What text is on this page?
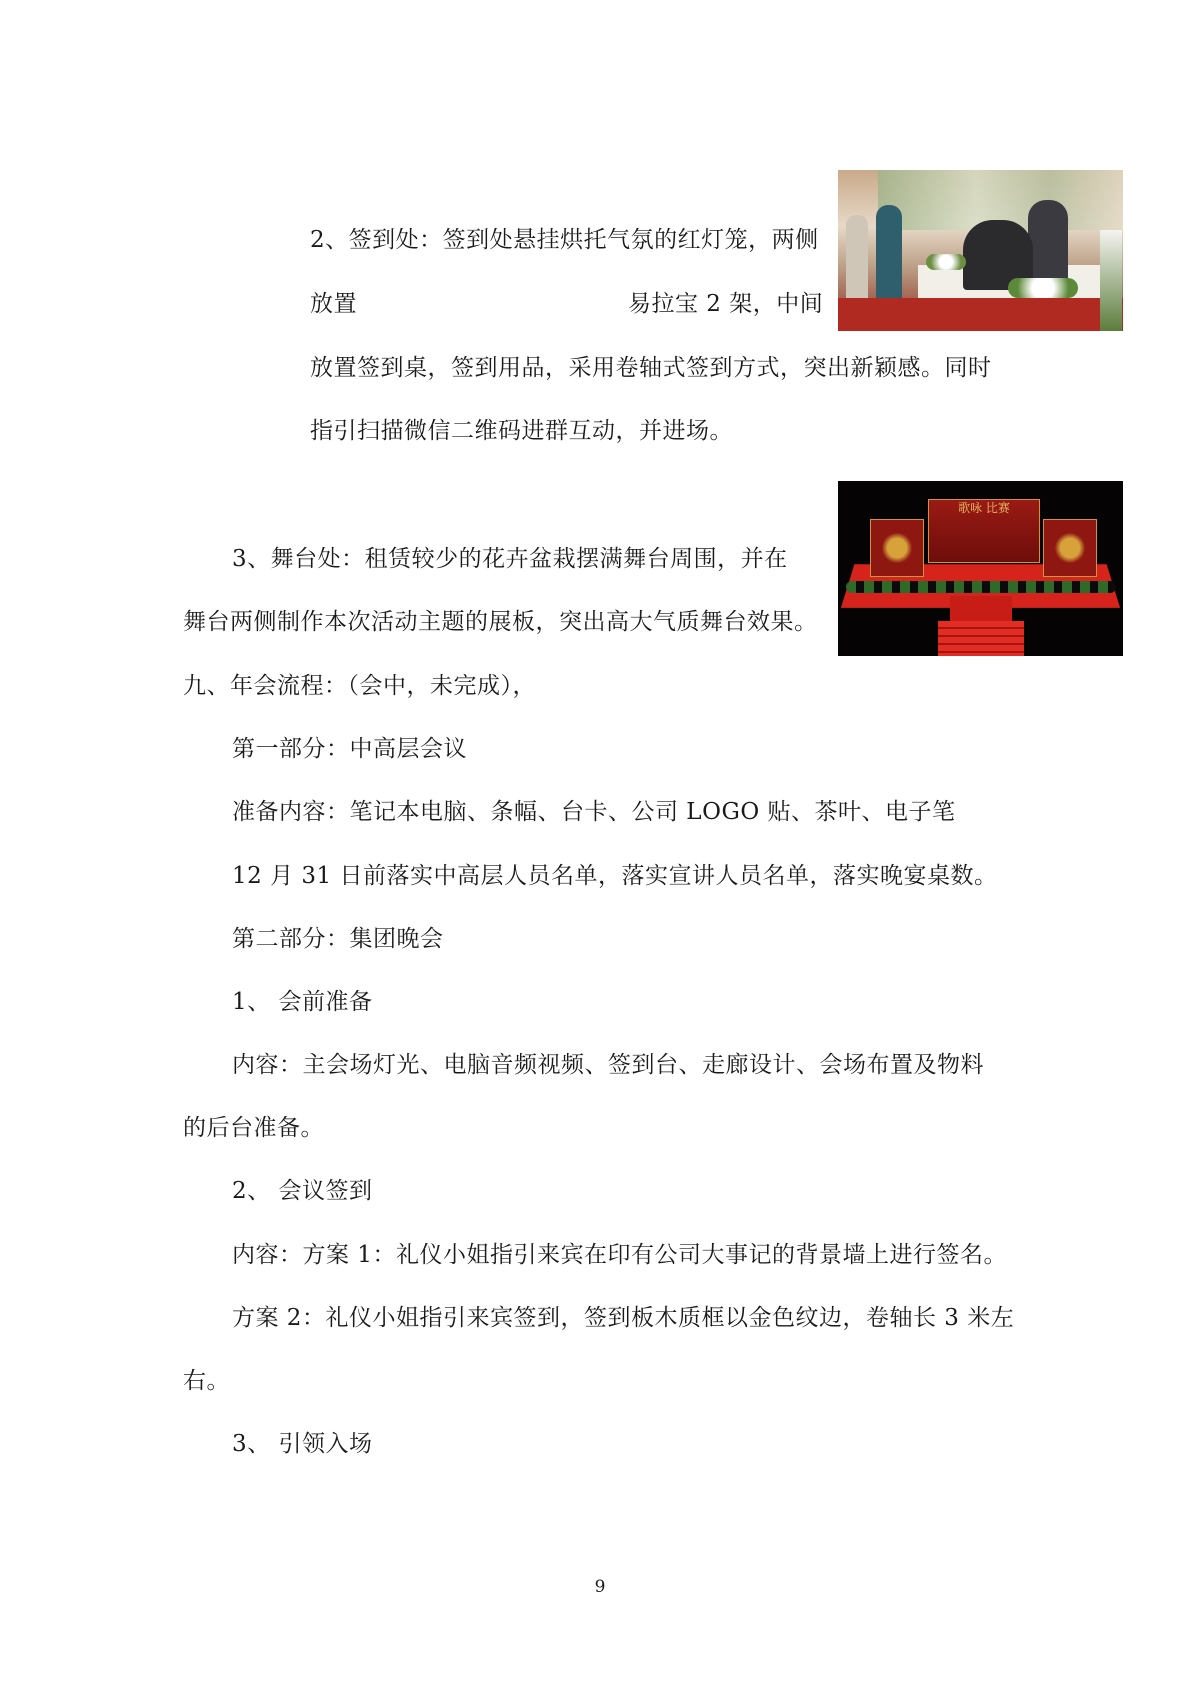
2、签到处：签到处悬挂烘托气氛的红灯笼，两侧
放置	易拉宝 2 架，中间
放置签到桌，签到用品，采用卷轴式签到方式，突出新颖感。同时
指引扫描微信二维码进群互动，并进场。
3、舞台处：租赁较少的花卉盆栽摆满舞台周围，并在
舞台两侧制作本次活动主题的展板，突出高大气质舞台效果。
歌咏 比赛
九、年会流程：（会中，未完成），
第一部分：中高层会议
准备内容：笔记本电脑、条幅、台卡、公司 LOGO 贴、茶叶、电子笔
12 月 31 日前落实中高层人员名单，落实宣讲人员名单，落实晚宴桌数。
第二部分：集团晚会
1、 会前准备
内容：主会场灯光、电脑音频视频、签到台、走廊设计、会场布置及物料
的后台准备。
2、 会议签到
内容：方案 1：礼仪小姐指引来宾在印有公司大事记的背景墙上进行签名。
方案 2：礼仪小姐指引来宾签到，签到板木质框以金色纹边，卷轴长 3 米左
右。
3、 引领入场
9
